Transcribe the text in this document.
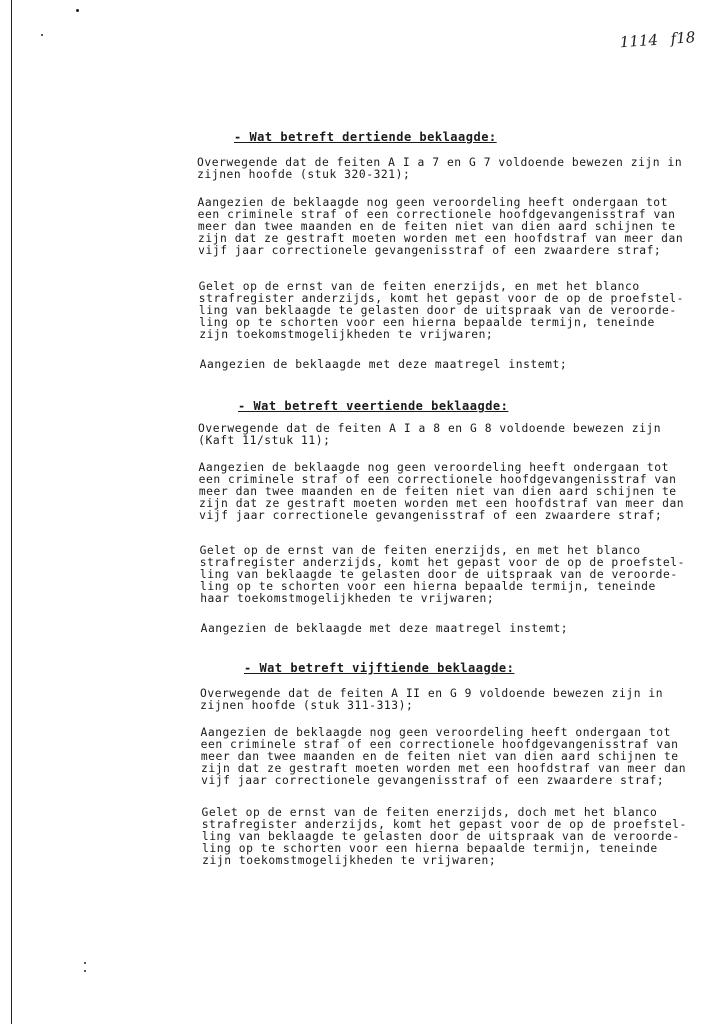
1114 f18
- Wat betreft dertiende beklaagde:
Overwegende dat de feiten A I a 7 en G 7 voldoende bewezen zijn in
zijnen hoofde (stuk 320-321);
Aangezien de beklaagde nog geen veroordeling heeft ondergaan tot
een criminele straf of een correctionele hoofdgevangenisstraf van
meer dan twee maanden en de feiten niet van dien aard schijnen te
zijn dat ze gestraft moeten worden met een hoofdstraf van meer dan
vijf jaar correctionele gevangenisstraf of een zwaardere straf;
Gelet op de ernst van de feiten enerzijds, en met het blanco
strafregister anderzijds, komt het gepast voor de op de proefstel-
ling van beklaagde te gelasten door de uitspraak van de veroorde-
ling op te schorten voor een hierna bepaalde termijn, teneinde
zijn toekomstmogelijkheden te vrijwaren;
Aangezien de beklaagde met deze maatregel instemt;
- Wat betreft veertiende beklaagde:
Overwegende dat de feiten A I a 8 en G 8 voldoende bewezen zijn
(Kaft 11/stuk 11);
Aangezien de beklaagde nog geen veroordeling heeft ondergaan tot
een criminele straf of een correctionele hoofdgevangenisstraf van
meer dan twee maanden en de feiten niet van dien aard schijnen te
zijn dat ze gestraft moeten worden met een hoofdstraf van meer dan
vijf jaar correctionele gevangenisstraf of een zwaardere straf;
Gelet op de ernst van de feiten enerzijds, en met het blanco
strafregister anderzijds, komt het gepast voor de op de proefstel-
ling van beklaagde te gelasten door de uitspraak van de veroorde-
ling op te schorten voor een hierna bepaalde termijn, teneinde
haar toekomstmogelijkheden te vrijwaren;
Aangezien de beklaagde met deze maatregel instemt;
- Wat betreft vijftiende beklaagde:
Overwegende dat de feiten A II en G 9 voldoende bewezen zijn in
zijnen hoofde (stuk 311-313);
Aangezien de beklaagde nog geen veroordeling heeft ondergaan tot
een criminele straf of een correctionele hoofdgevangenisstraf van
meer dan twee maanden en de feiten niet van dien aard schijnen te
zijn dat ze gestraft moeten worden met een hoofdstraf van meer dan
vijf jaar correctionele gevangenisstraf of een zwaardere straf;
Gelet op de ernst van de feiten enerzijds, doch met het blanco
strafregister anderzijds, komt het gepast voor de op de proefstel-
ling van beklaagde te gelasten door de uitspraak van de veroorde-
ling op te schorten voor een hierna bepaalde termijn, teneinde
zijn toekomstmogelijkheden te vrijwaren;
